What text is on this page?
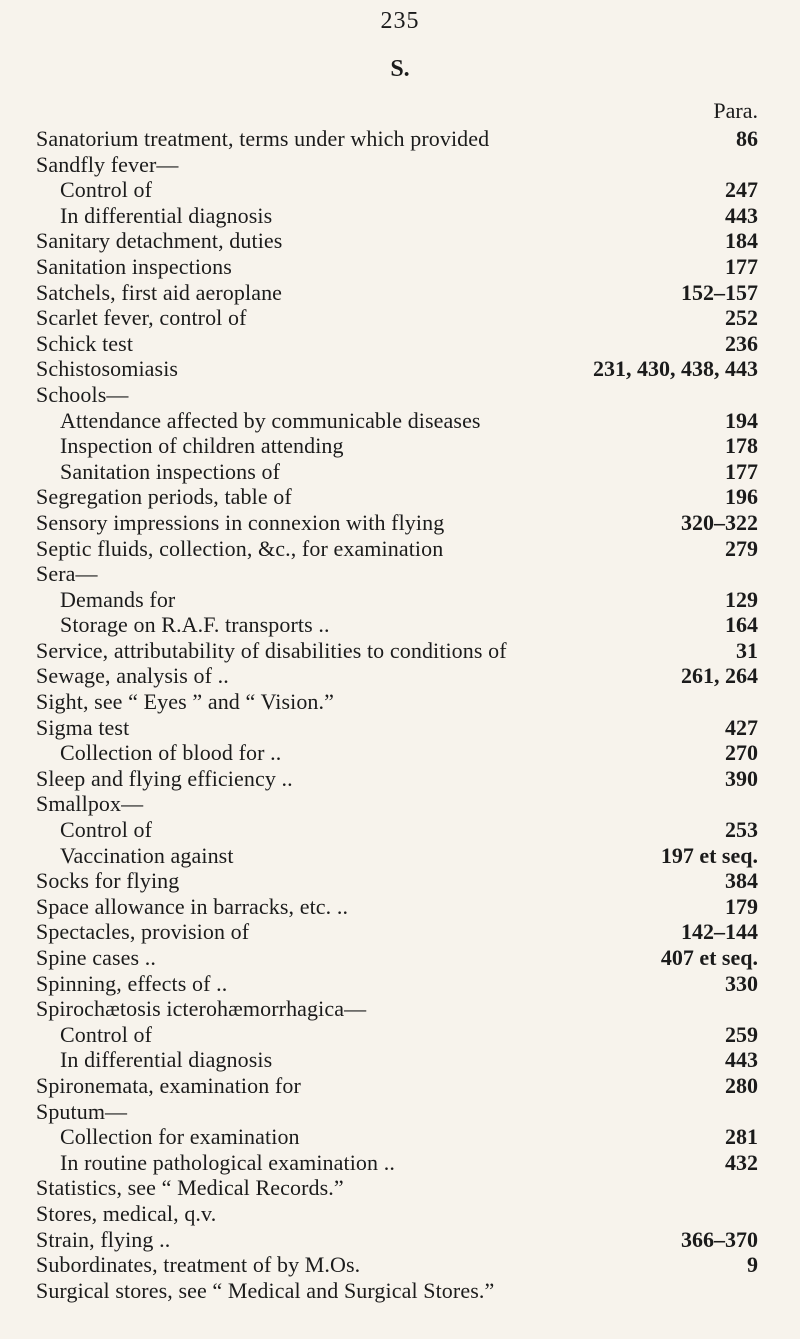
235
S.
Para.
Sanatorium treatment, terms under which provided	86
Sandfly fever—
Control of	247
In differential diagnosis	443
Sanitary detachment, duties	184
Sanitation inspections	177
Satchels, first aid aeroplane	152–157
Scarlet fever, control of	252
Schick test	236
Schistosomiasis	231, 430, 438, 443
Schools—
Attendance affected by communicable diseases	194
Inspection of children attending	178
Sanitation inspections of	177
Segregation periods, table of	196
Sensory impressions in connexion with flying	320–322
Septic fluids, collection, &c., for examination	279
Sera—
Demands for	129
Storage on R.A.F. transports ..	164
Service, attributability of disabilities to conditions of	31
Sewage, analysis of ..	261, 264
Sight, see “ Eyes ” and “ Vision.”
Sigma test	427
Collection of blood for ..	270
Sleep and flying efficiency ..	390
Smallpox—
Control of	253
Vaccination against	197 et seq.
Socks for flying	384
Space allowance in barracks, etc. ..	179
Spectacles, provision of	142–144
Spine cases ..	407 et seq.
Spinning, effects of ..	330
Spirochætosis icterohæmorrhagica—
Control of	259
In differential diagnosis	443
Spironemata, examination for	280
Sputum—
Collection for examination	281
In routine pathological examination ..	432
Statistics, see “ Medical Records.”
Stores, medical, q.v.
Strain, flying ..	366–370
Subordinates, treatment of by M.Os.	9
Surgical stores, see “ Medical and Surgical Stores.”
